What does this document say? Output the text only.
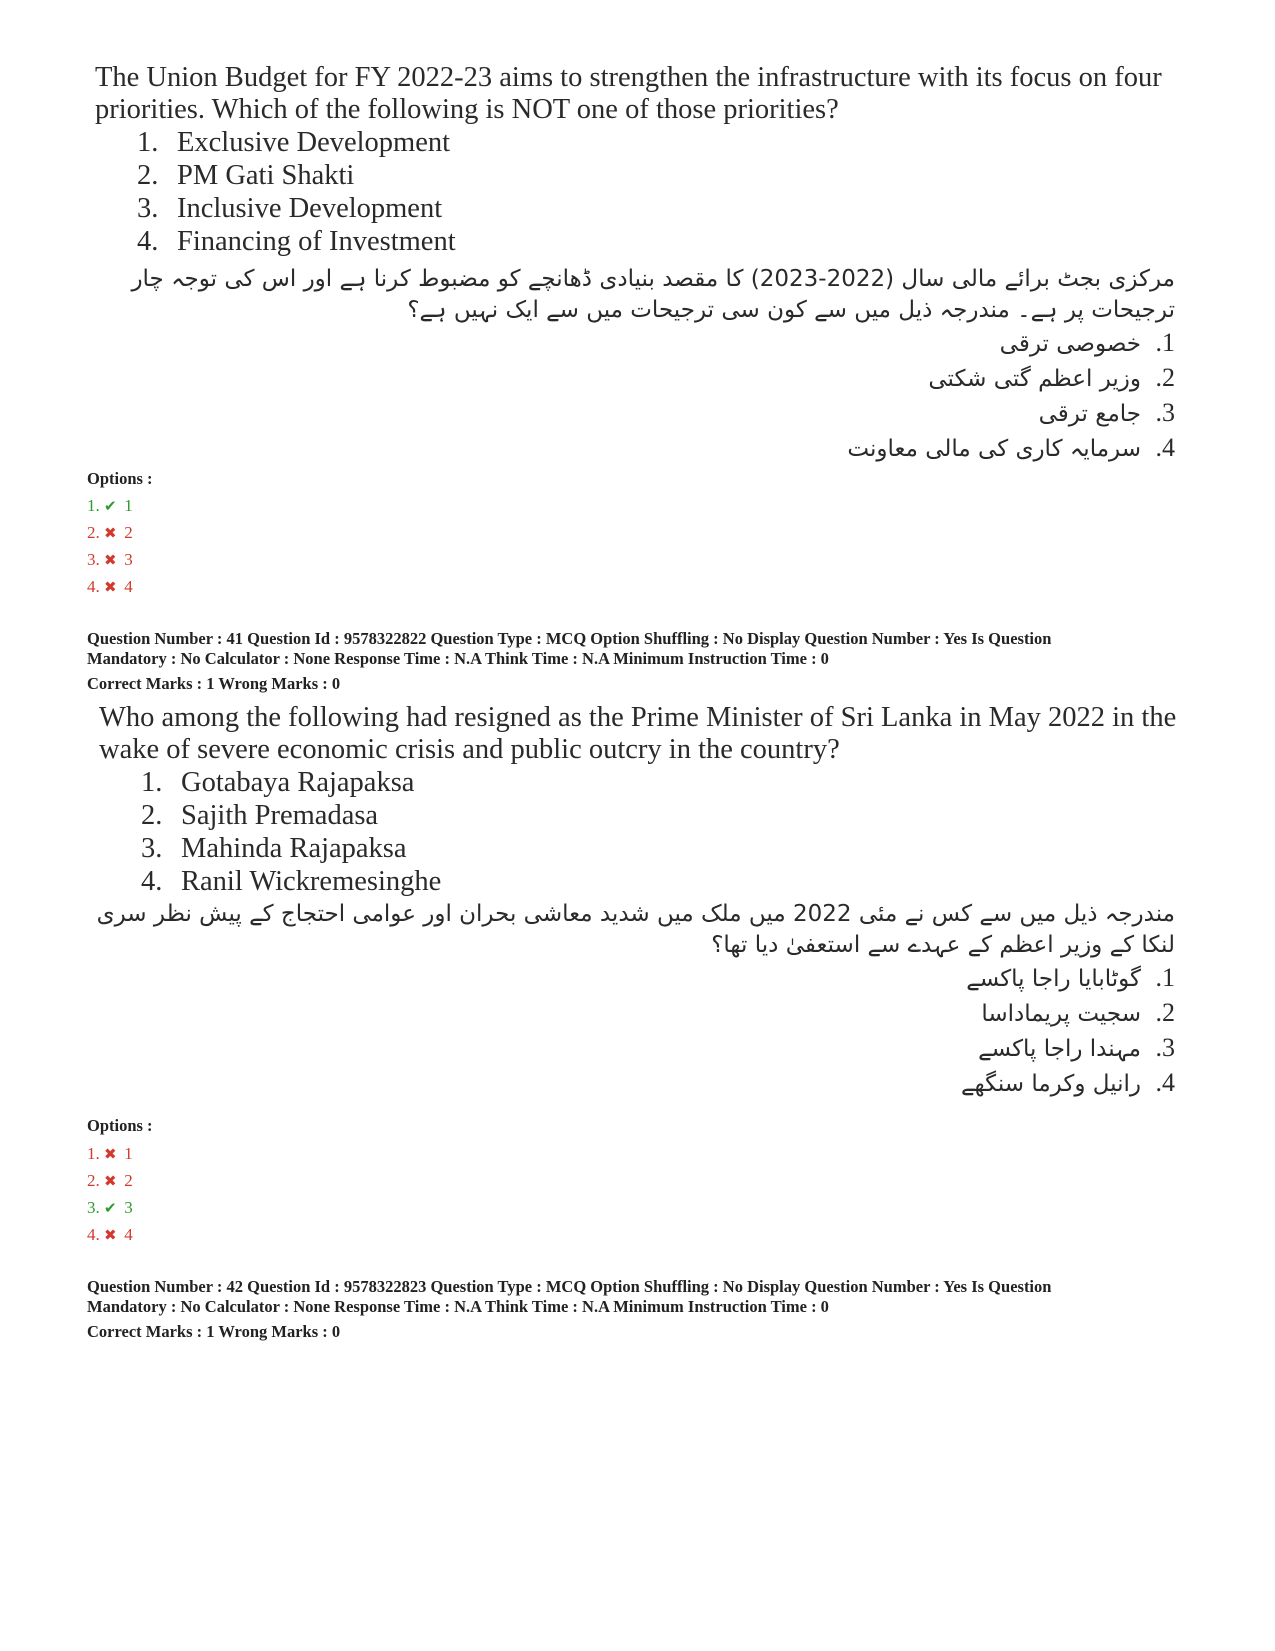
The Union Budget for FY 2022-23 aims to strengthen the infrastructure with its focus on four priorities. Which of the following is NOT one of those priorities?

1. Exclusive Development
2. PM Gati Shakti
3. Inclusive Development
4. Financing of Investment

مرکزی بجٹ برائے مالی سال (2022-2023) کا مقصد بنیادی ڈھانچے کو مضبوط کرنا ہے اور اس کی توجہ چار ترجیحات پر ہے۔ مندرجہ ذیل میں سے کون سی ترجیحات میں سے ایک نہیں ہے؟

1.خصوصی ترقی
2.وزیر اعظم گتی شکتی
3.جامع ترقی
4.سرمایہ کاری کی مالی معاونت
Options :
1. ✔ 1
2. ✖ 2
3. ✖ 3
4. ✖ 4

Question Number : 41 Question Id : 9578322822 Question Type : MCQ Option Shuffling : No Display Question Number : Yes Is Question

Mandatory : No Calculator : None Response Time : N.A Think Time : N.A Minimum Instruction Time : 0

Correct Marks : 1 Wrong Marks : 0

Who among the following had resigned as the Prime Minister of Sri Lanka in May 2022 in the wake of severe economic crisis and public outcry in the country?

1. Gotabaya Rajapaksa
2. Sajith Premadasa
3. Mahinda Rajapaksa
4. Ranil Wickremesinghe

مندرجہ ذیل میں سے کس نے مئی 2022 میں ملک میں شدید معاشی بحران اور عوامی احتجاج کے پیش نظر سری لنکا کے وزیر اعظم کے عہدے سے استعفیٰ دیا تھا؟

1.گوٹابایا راجا پاکسے
2.سجیت پریماداسا
3.مہندا راجا پاکسے
4.رانیل وکرما سنگھے
Options :
1. ✖ 1
2. ✖ 2
3. ✔ 3
4. ✖ 4

Question Number : 42 Question Id : 9578322823 Question Type : MCQ Option Shuffling : No Display Question Number : Yes Is Question

Mandatory : No Calculator : None Response Time : N.A Think Time : N.A Minimum Instruction Time : 0

Correct Marks : 1 Wrong Marks : 0
